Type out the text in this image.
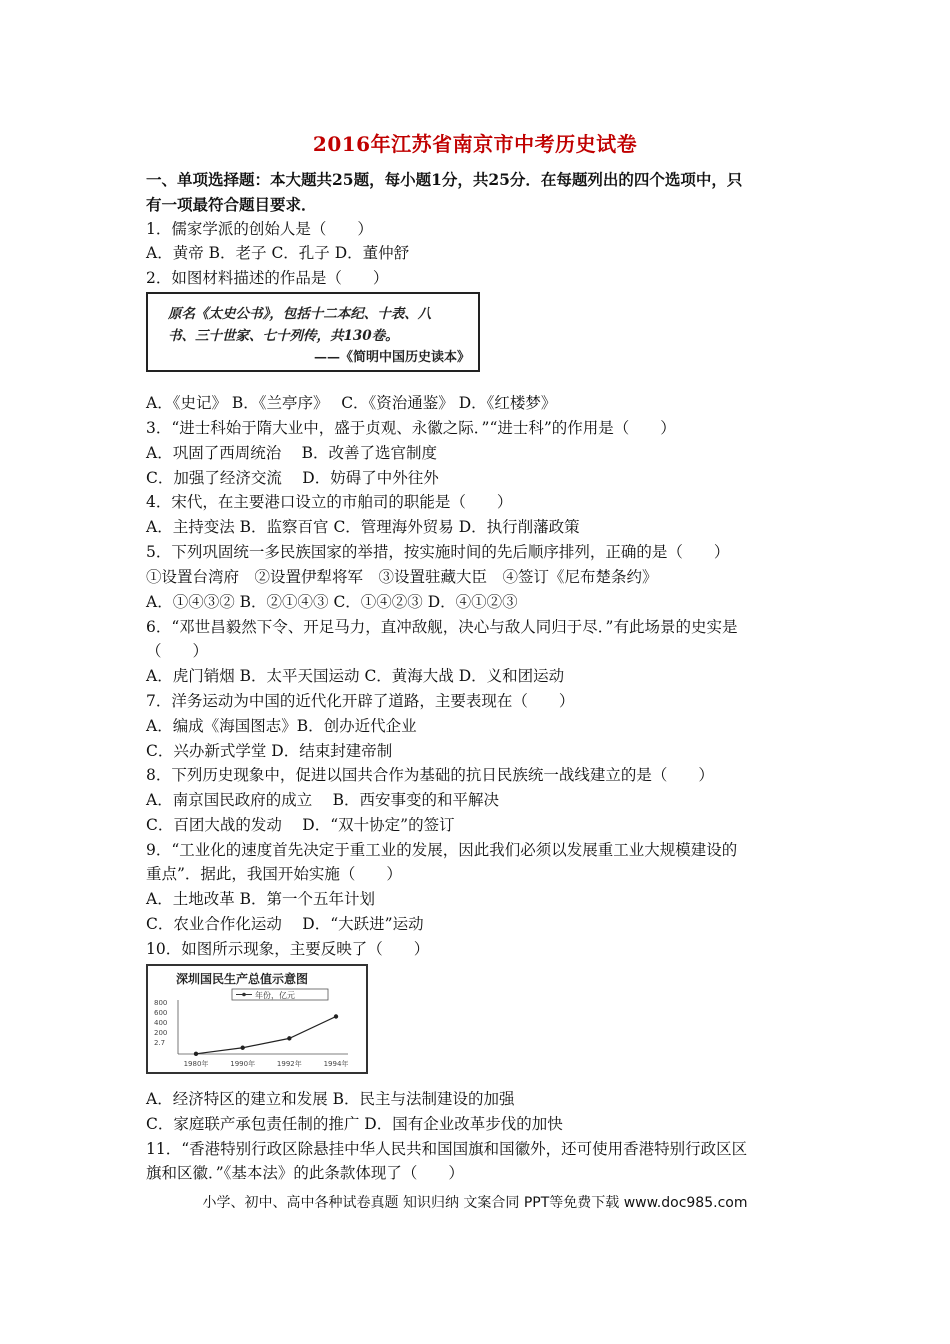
2016年江苏省南京市中考历史试卷
一、单项选择题：本大题共25题，每小题1分，共25分．在每题列出的四个选项中，只
有一项最符合题目要求．
1．儒家学派的创始人是（　　）
A．黄帝 B．老子 C．孔子 D．董仲舒
2．如图材料描述的作品是（　　）
原名《太史公书》，包括十二本纪、十表、八
书、三十世家、七十列传，共130卷。
——《简明中国历史读本》
A．《史记》 B．《兰亭序》　 C．《资治通鉴》 D．《红楼梦》
3．“进士科始于隋大业中，盛于贞观、永徽之际．”“进士科”的作用是（　　）
A．巩固了西周统治　 B．改善了选官制度
C．加强了经济交流　 D．妨碍了中外往外
4．宋代，在主要港口设立的市舶司的职能是（　　）
A．主持变法 B．监察百官 C．管理海外贸易 D．执行削藩政策
5．下列巩固统一多民族国家的举措，按实施时间的先后顺序排列，正确的是（　　）
①设置台湾府　②设置伊犁将军　③设置驻藏大臣　④签订《尼布楚条约》
A．①④③② B．②①④③ C．①④②③ D．④①②③
6．“邓世昌毅然下令、开足马力，直冲敌舰，决心与敌人同归于尽．”有此场景的史实是
（　　）
A．虎门销烟 B．太平天国运动 C．黄海大战 D．义和团运动
7．洋务运动为中国的近代化开辟了道路，主要表现在（　　）
A．编成《海国图志》B．创办近代企业
C．兴办新式学堂 D．结束封建帝制
8．下列历史现象中，促进以国共合作为基础的抗日民族统一战线建立的是（　　）
A．南京国民政府的成立　 B．西安事变的和平解决
C．百团大战的发动　 D．“双十协定”的签订
9．“工业化的速度首先决定于重工业的发展，因此我们必须以发展重工业大规模建设的
重点”．据此，我国开始实施（　　）
A．土地改革 B．第一个五年计划
C．农业合作化运动　 D．“大跃进”运动
10．如图所示现象，主要反映了（　　）
深圳国民生产总值示意图
年份，亿元
800
600
400
200
2.7
1980年	1990年	1992年	1994年
A．经济特区的建立和发展 B．民主与法制建设的加强
C．家庭联产承包责任制的推广 D．国有企业改革步伐的加快
11．“香港特别行政区除悬挂中华人民共和国国旗和国徽外，还可使用香港特别行政区区
旗和区徽．”《基本法》的此条款体现了（　　）
小学、初中、高中各种试卷真题 知识归纳 文案合同 PPT等免费下载 www.doc985.com
